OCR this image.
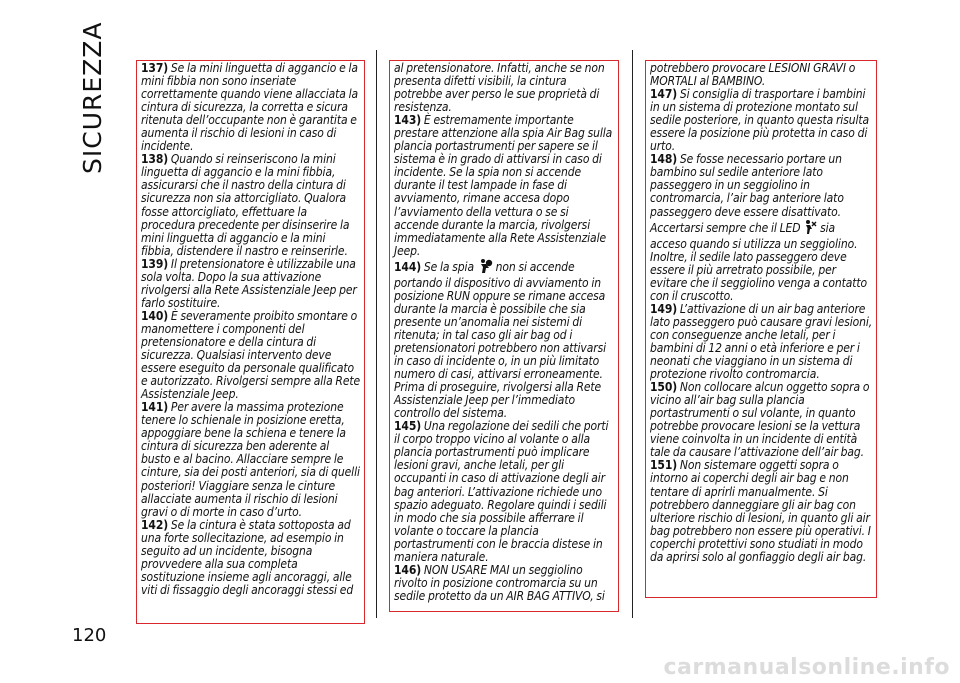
SICUREZZA	137) Se la mini linguetta di aggancio e la mini fibbia non sono inseriate correttamente quando viene allacciata la cintura di sicurezza, la corretta e sicura ritenuta dell’occupante non è garantita e aumenta il rischio di lesioni in caso di incidente.

138) Quando si reinseriscono la mini linguetta di aggancio e la mini fibbia, assicurarsi che il nastro della cintura di sicurezza non sia attorcigliato. Qualora fosse attorcigliato, effettuare la procedura precedente per disinserire la mini linguetta di aggancio e la mini fibbia, distendere il nastro e reinserirle.

139) Il pretensionatore è utilizzabile una sola volta. Dopo la sua attivazione rivolgersi alla Rete Assistenziale Jeep per farlo sostituire.

140) È severamente proibito smontare o manomettere i componenti del pretensionatore e della cintura di sicurezza. Qualsiasi intervento deve essere eseguito da personale qualificato e autorizzato. Rivolgersi sempre alla Rete Assistenziale Jeep.

141) Per avere la massima protezione tenere lo schienale in posizione eretta, appoggiare bene la schiena e tenere la cintura di sicurezza ben aderente al busto e al bacino. Allacciare sempre le cinture, sia dei posti anteriori, sia di quelli posteriori! Viaggiare senza le cinture allacciate aumenta il rischio di lesioni gravi o di morte in caso d’urto.

142) Se la cintura è stata sottoposta ad una forte sollecitazione, ad esempio in seguito ad un incidente, bisogna provvedere alla sua completa sostituzione insieme agli ancoraggi, alle viti di fissaggio degli ancoraggi stessi ed

al pretensionatore. Infatti, anche se non presenta difetti visibili, la cintura potrebbe aver perso le sue proprietà di resistenza.

143) È estremamente importante prestare attenzione alla spia Air Bag sulla plancia portastrumenti per sapere se il sistema è in grado di attivarsi in caso di incidente. Se la spia non si accende durante il test lampade in fase di avviamento, rimane accesa dopo l’avviamento della vettura o se si accende durante la marcia, rivolgersi immediatamente alla Rete Assistenziale Jeep.

144) Se la spia non si accende portando il dispositivo di avviamento in posizione RUN oppure se rimane accesa durante la marcia è possibile che sia presente un’anomalia nei sistemi di ritenuta; in tal caso gli air bag od i pretensionatori potrebbero non attivarsi in caso di incidente o, in un più limitato numero di casi, attivarsi erroneamente. Prima di proseguire, rivolgersi alla Rete Assistenziale Jeep per l’immediato controllo del sistema.

145) Una regolazione dei sedili che porti il corpo troppo vicino al volante o alla plancia portastrumenti può implicare lesioni gravi, anche letali, per gli occupanti in caso di attivazione degli air bag anteriori. L’attivazione richiede uno spazio adeguato. Regolare quindi i sedili in modo che sia possibile afferrare il volante o toccare la plancia portastrumenti con le braccia distese in maniera naturale.

146) NON USARE MAI un seggiolino rivolto in posizione contromarcia su un sedile protetto da un AIR BAG ATTIVO, si

potrebbero provocare LESIONI GRAVI o MORTALI al BAMBINO.

147) Si consiglia di trasportare i bambini in un sistema di protezione montato sul sedile posteriore, in quanto questa risulta essere la posizione più protetta in caso di urto.

148) Se fosse necessario portare un bambino sul sedile anteriore lato passeggero in un seggiolino in contromarcia, l’air bag anteriore lato passeggero deve essere disattivato.

Accertarsi sempre che il LED sia acceso quando si utilizza un seggiolino. Inoltre, il sedile lato passeggero deve essere il più arretrato possibile, per evitare che il seggiolino venga a contatto con il cruscotto.

149) L’attivazione di un air bag anteriore lato passeggero può causare gravi lesioni, con conseguenze anche letali, per i bambini di 12 anni o età inferiore e per i neonati che viaggiano in un sistema di protezione rivolto contromarcia.

150) Non collocare alcun oggetto sopra o vicino all’air bag sulla plancia portastrumenti o sul volante, in quanto potrebbe provocare lesioni se la vettura viene coinvolta in un incidente di entità tale da causare l’attivazione dell’air bag.

151) Non sistemare oggetti sopra o intorno ai coperchi degli air bag e non tentare di aprirli manualmente. Si potrebbero danneggiare gli air bag con ulteriore rischio di lesioni, in quanto gli air bag potrebbero non essere più operativi. I coperchi protettivi sono studiati in modo da aprirsi solo al gonfiaggio degli air bag.

120
carmanualsonline.info
